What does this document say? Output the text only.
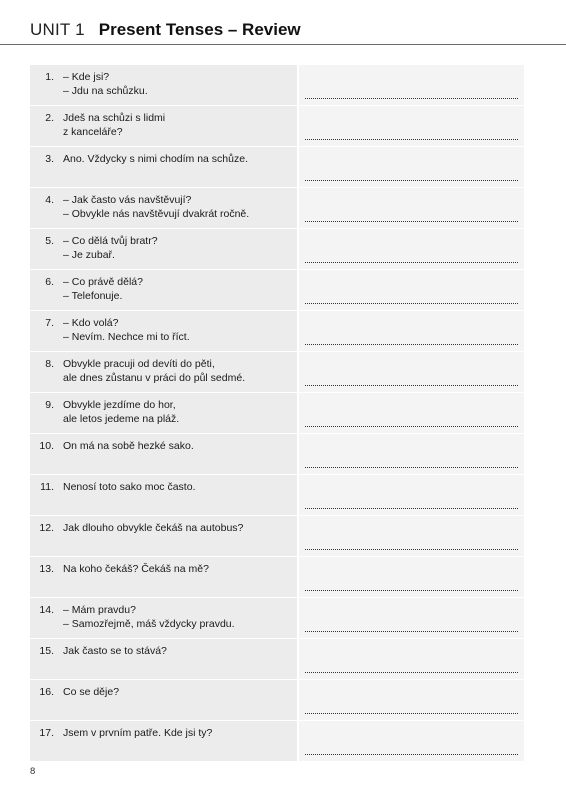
UNIT 1 Present Tenses – Review
1. – Kde jsi?
– Jdu na schůzku.
2. Jdeš na schůzi s lidmi
z kanceláře?
3. Ano. Vždycky s nimi chodím na schůze.
4. – Jak často vás navštěvují?
– Obvykle nás navštěvují dvakrát ročně.
5. – Co dělá tvůj bratr?
– Je zubař.
6. – Co právě dělá?
– Telefonuje.
7. – Kdo volá?
– Nevím. Nechce mi to říct.
8. Obvykle pracuji od devíti do pěti,
ale dnes zůstanu v práci do půl sedmé.
9. Obvykle jezdíme do hor,
ale letos jedeme na pláž.
10. On má na sobě hezké sako.
11. Nenosí toto sako moc často.
12. Jak dlouho obvykle čekáš na autobus?
13. Na koho čekáš? Čekáš na mě?
14. – Mám pravdu?
– Samozřejmě, máš vždycky pravdu.
15. Jak často se to stává?
16. Co se děje?
17. Jsem v prvním patře. Kde jsi ty?
8
